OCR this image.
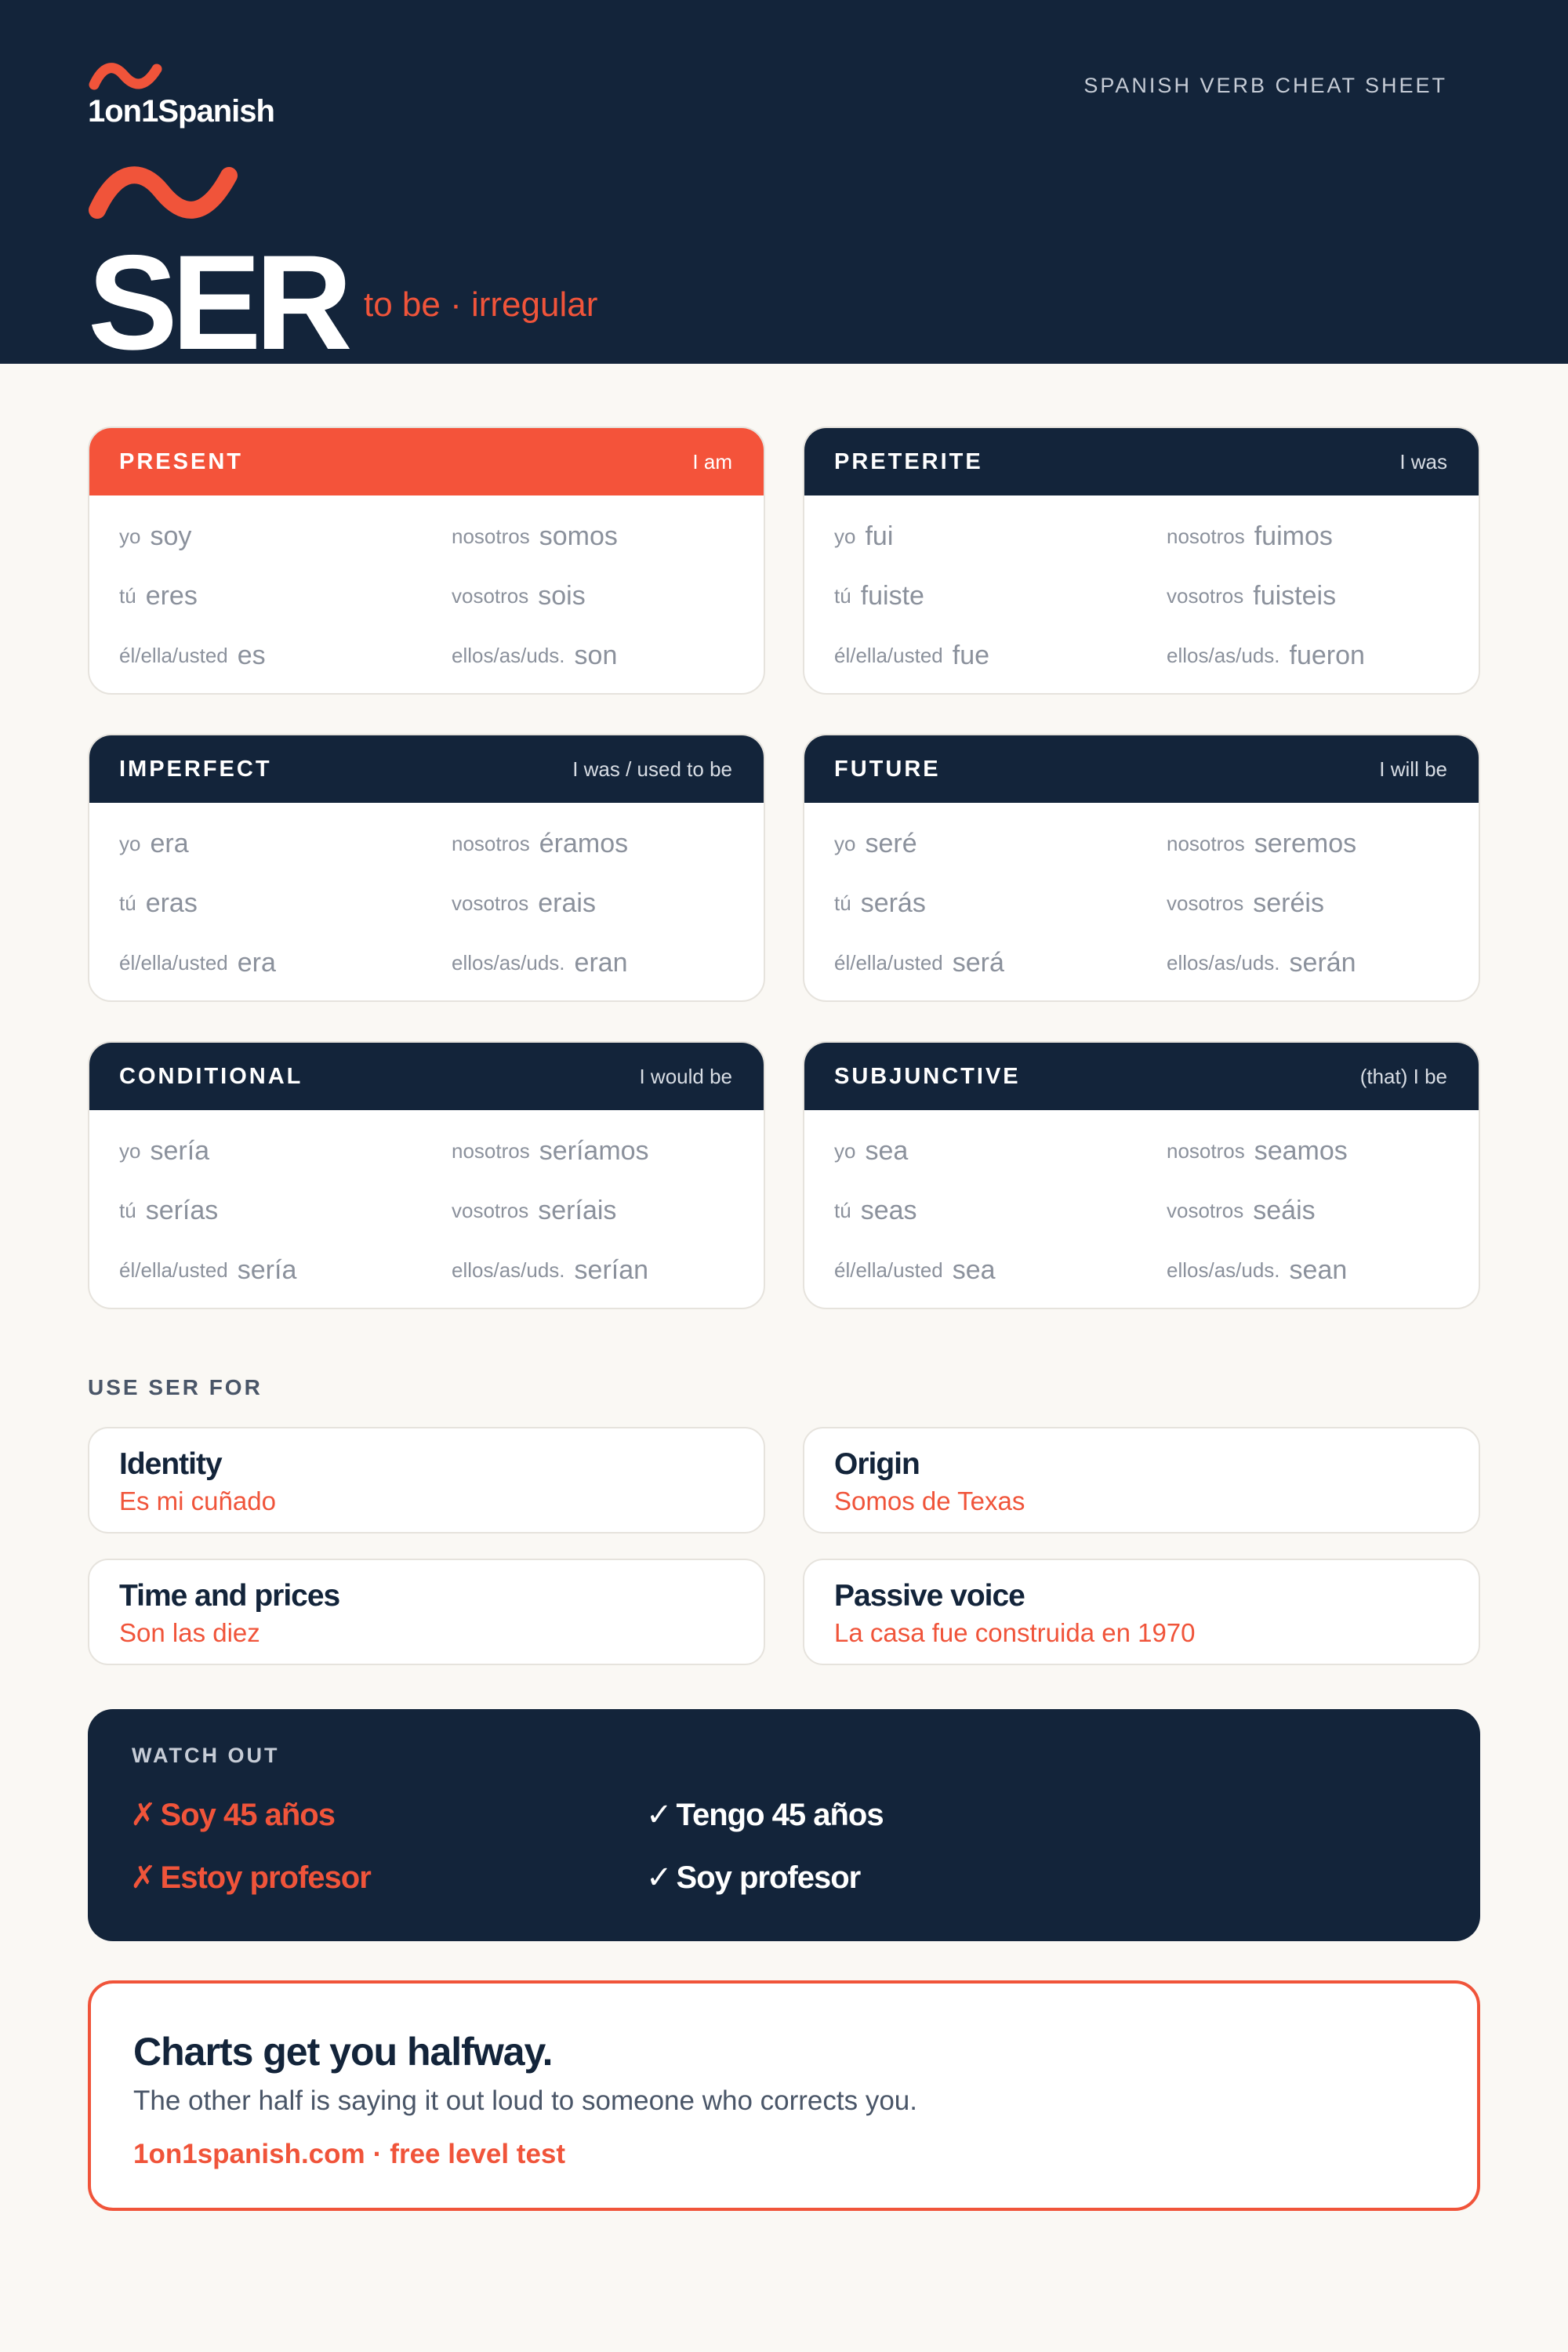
1on1Spanish
SPANISH VERB CHEAT SHEET
SER to be · irregular
PRESENT	I am
yo soy	nosotros somos
tú eres	vosotros sois
él/ella/usted es	ellos/as/uds. son
PRETERITE	I was
yo fui	nosotros fuimos
tú fuiste	vosotros fuisteis
él/ella/usted fue	ellos/as/uds. fueron
IMPERFECT	I was / used to be
yo era	nosotros éramos
tú eras	vosotros erais
él/ella/usted era	ellos/as/uds. eran
FUTURE	I will be
yo seré	nosotros seremos
tú serás	vosotros seréis
él/ella/usted será	ellos/as/uds. serán
CONDITIONAL	I would be
yo sería	nosotros seríamos
tú serías	vosotros seríais
él/ella/usted sería	ellos/as/uds. serían
SUBJUNCTIVE	(that) I be
yo sea	nosotros seamos
tú seas	vosotros seáis
él/ella/usted sea	ellos/as/uds. sean
USE SER FOR
Identity
Es mi cuñado
Origin
Somos de Texas
Time and prices
Son las diez
Passive voice
La casa fue construida en 1970
WATCH OUT
✗ Soy 45 años	✓ Tengo 45 años
✗ Estoy profesor	✓ Soy profesor
Charts get you halfway.
The other half is saying it out loud to someone who corrects you.
1on1spanish.com · free level test
